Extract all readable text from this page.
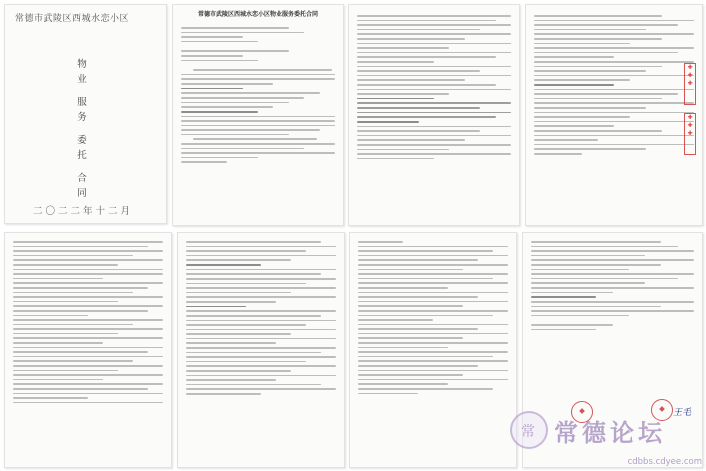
常德市武陵区西城水恋小区
物
业
服
务
委
托
合
同
二〇二二年十二月
常德市武陵区西城水恋小区物业服务委托合同
✚
✚
✚
✚
✚
✚
王毛
常 常德论坛
cdbbs.cdyee.com
